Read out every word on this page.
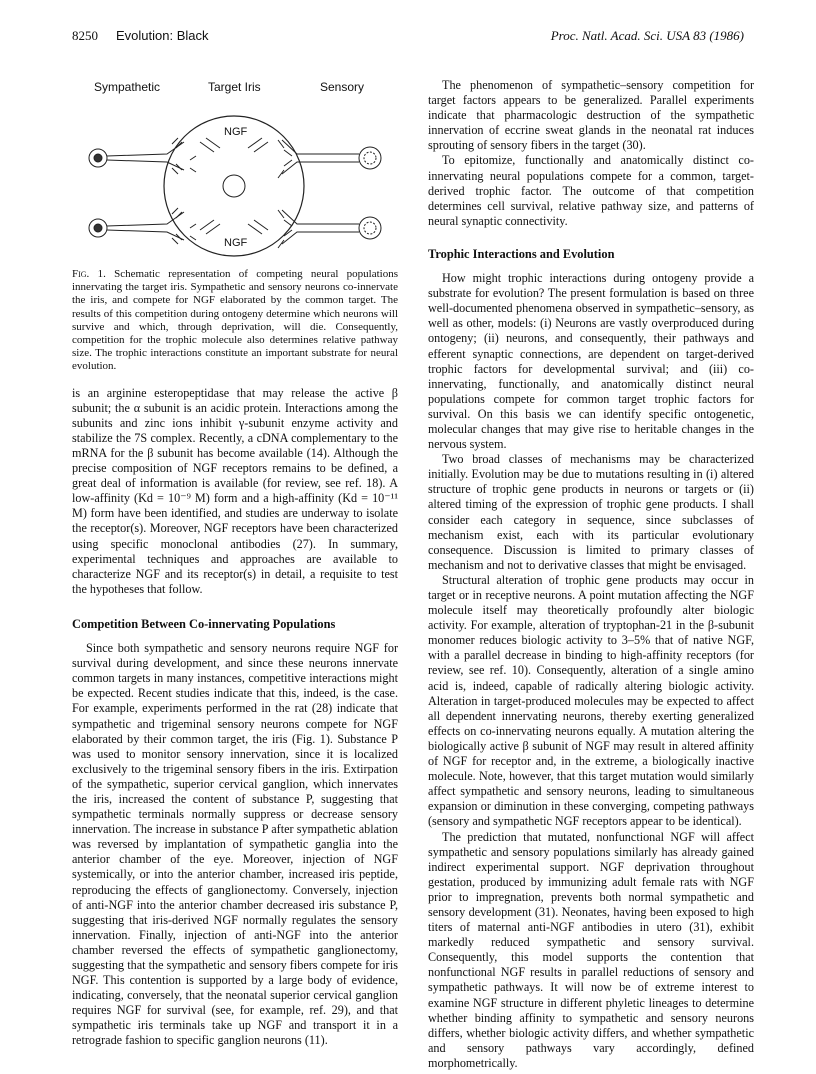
8250 Evolution: Black	Proc. Natl. Acad. Sci. USA 83 (1986)
Sympathetic	Target Iris	Sensory
NGF
NGF
Fig. 1. Schematic representation of competing neural populations innervating the target iris. Sympathetic and sensory neurons co-innervate the iris, and compete for NGF elaborated by the common target. The results of this competition during ontogeny determine which neurons will survive and which, through deprivation, will die. Consequently, competition for the trophic molecule also determines relative pathway size. The trophic interactions constitute an important substrate for neural evolution.

is an arginine esteropeptidase that may release the active β subunit; the α subunit is an acidic protein. Interactions among the subunits and zinc ions inhibit γ-subunit enzyme activity and stabilize the 7S complex. Recently, a cDNA complementary to the mRNA for the β subunit has become available (14). Although the precise composition of NGF receptors remains to be defined, a great deal of information is available (for review, see ref. 18). A low-affinity (Kd = 10⁻⁹ M) form and a high-affinity (Kd = 10⁻¹¹ M) form have been identified, and studies are underway to isolate the receptor(s). Moreover, NGF receptors have been characterized using specific monoclonal antibodies (27). In summary, experimental techniques and approaches are available to characterize NGF and its receptor(s) in detail, a requisite to test the hypotheses that follow.

Competition Between Co-innervating Populations

Since both sympathetic and sensory neurons require NGF for survival during development, and since these neurons innervate common targets in many instances, competitive interactions might be expected. Recent studies indicate that this, indeed, is the case. For example, experiments performed in the rat (28) indicate that sympathetic and trigeminal sensory neurons compete for NGF elaborated by their common target, the iris (Fig. 1). Substance P was used to monitor sensory innervation, since it is localized exclusively to the trigeminal sensory fibers in the iris. Extirpation of the sympathetic, superior cervical ganglion, which innervates the iris, increased the content of substance P, suggesting that sympathetic terminals normally suppress or decrease sensory innervation. The increase in substance P after sympathetic ablation was reversed by implantation of sympathetic ganglia into the anterior chamber of the eye. Moreover, injection of NGF systemically, or into the anterior chamber, increased iris peptide, reproducing the effects of ganglionectomy. Conversely, injection of anti-NGF into the anterior chamber decreased iris substance P, suggesting that iris-derived NGF normally regulates the sensory innervation. Finally, injection of anti-NGF into the anterior chamber reversed the effects of sympathetic ganglionectomy, suggesting that the sympathetic and sensory fibers compete for iris NGF. This contention is supported by a large body of evidence, indicating, conversely, that the neonatal superior cervical ganglion requires NGF for survival (see, for example, ref. 29), and that sympathetic iris terminals take up NGF and transport it in a retrograde fashion to specific ganglion neurons (11).

The phenomenon of sympathetic–sensory competition for target factors appears to be generalized. Parallel experiments indicate that pharmacologic destruction of the sympathetic innervation of eccrine sweat glands in the neonatal rat induces sprouting of sensory fibers in the target (30).

To epitomize, functionally and anatomically distinct co-innervating neural populations compete for a common, target-derived trophic factor. The outcome of that competition determines cell survival, relative pathway size, and patterns of neural synaptic connectivity.

Trophic Interactions and Evolution

How might trophic interactions during ontogeny provide a substrate for evolution? The present formulation is based on three well-documented phenomena observed in sympathetic–sensory, as well as other, models: (i) Neurons are vastly overproduced during ontogeny; (ii) neurons, and consequently, their pathways and efferent synaptic connections, are dependent on target-derived trophic factors for developmental survival; and (iii) co-innervating, functionally, and anatomically distinct neural populations compete for common target trophic factors for survival. On this basis we can identify specific ontogenetic, molecular changes that may give rise to heritable changes in the nervous system.

Two broad classes of mechanisms may be characterized initially. Evolution may be due to mutations resulting in (i) altered structure of trophic gene products in neurons or targets or (ii) altered timing of the expression of trophic gene products. I shall consider each category in sequence, since subclasses of mechanism exist, each with its particular evolutionary consequence. Discussion is limited to primary classes of mechanism and not to derivative classes that might be envisaged.

Structural alteration of trophic gene products may occur in target or in receptive neurons. A point mutation affecting the NGF molecule itself may theoretically profoundly alter biologic activity. For example, alteration of tryptophan-21 in the β-subunit monomer reduces biologic activity to 3–5% that of native NGF, with a parallel decrease in binding to high-affinity receptors (for review, see ref. 10). Consequently, alteration of a single amino acid is, indeed, capable of radically altering biologic activity. Alteration in target-produced molecules may be expected to affect all dependent innervating neurons, thereby exerting generalized effects on co-innervating neurons equally. A mutation altering the biologically active β subunit of NGF may result in altered affinity of NGF for receptor and, in the extreme, a biologically inactive molecule. Note, however, that this target mutation would similarly affect sympathetic and sensory neurons, leading to simultaneous expansion or diminution in these converging, competing pathways (sensory and sympathetic NGF receptors appear to be identical).

The prediction that mutated, nonfunctional NGF will affect sympathetic and sensory populations similarly has already gained indirect experimental support. NGF deprivation throughout gestation, produced by immunizing adult female rats with NGF prior to impregnation, prevents both normal sympathetic and sensory development (31). Neonates, having been exposed to high titers of maternal anti-NGF antibodies in utero (31), exhibit markedly reduced sympathetic and sensory survival. Consequently, this model supports the contention that nonfunctional NGF results in parallel reductions of sensory and sympathetic pathways. It will now be of extreme interest to examine NGF structure in different phyletic lineages to determine whether binding affinity to sympathetic and sensory neurons differs, whether biologic activity differs, and whether sympathetic and sensory pathways vary accordingly, defined morphometrically.
